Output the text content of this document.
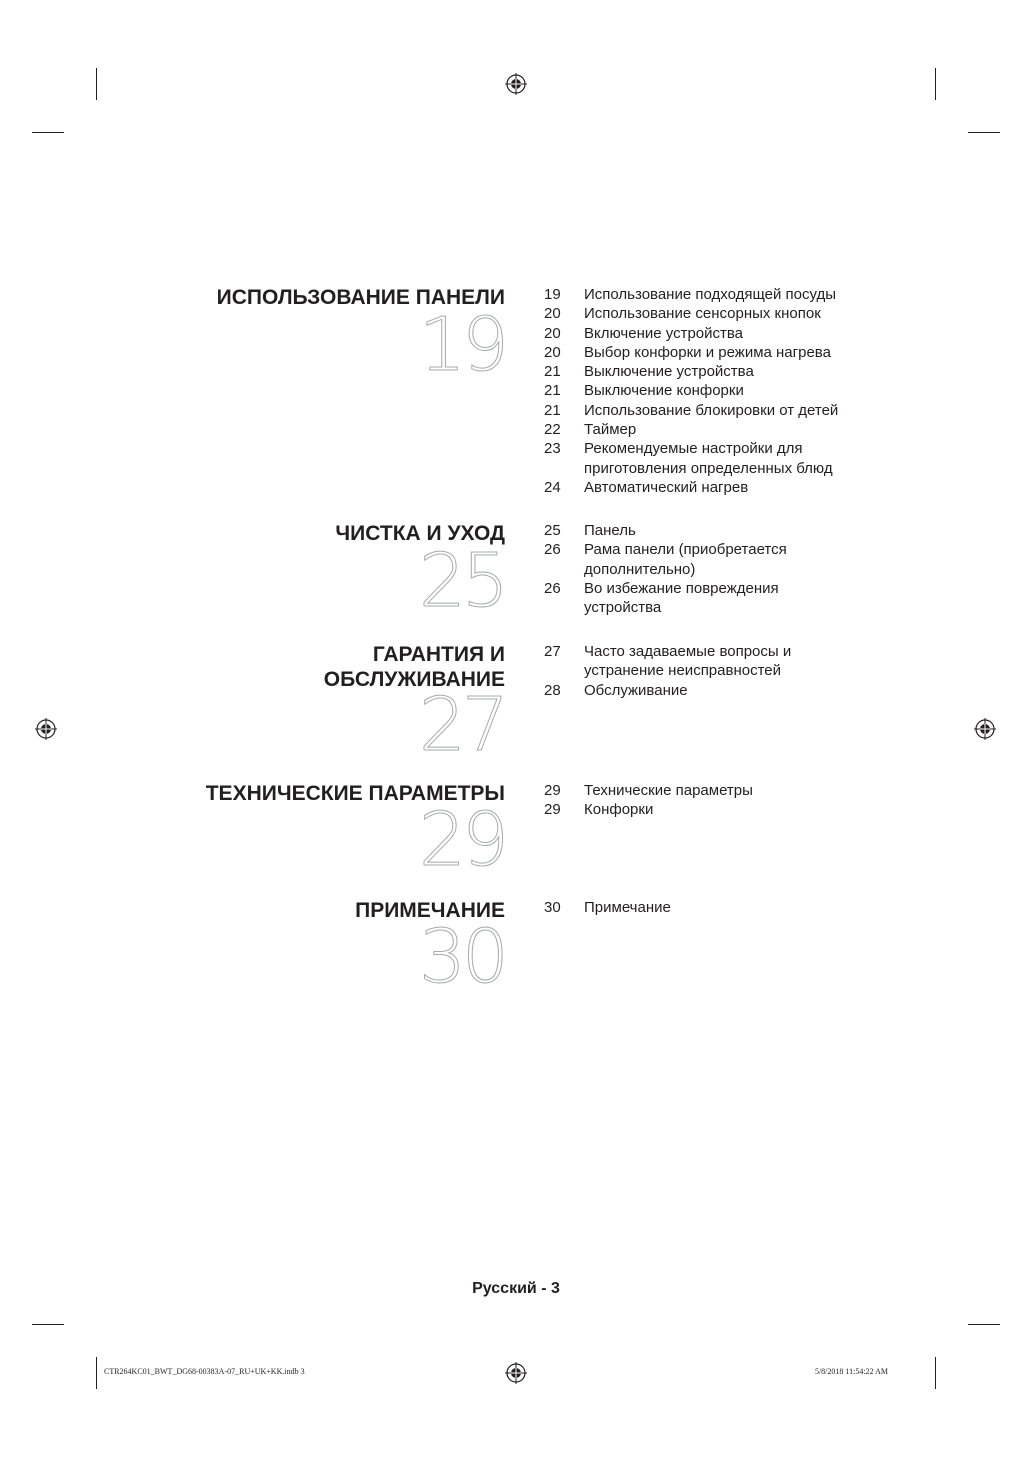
ИСПОЛЬЗОВАНИЕ ПАНЕЛИ
19
19	Использование подходящей посуды
20	Использование сенсорных кнопок
20	Включение устройства
20	Выбор конфорки и режима нагрева
21	Выключение устройства
21	Выключение конфорки
21	Использование блокировки от детей
22	Таймер
23	Рекомендуемые настройки для приготовления определенных блюд
24	Автоматический нагрев
ЧИСТКА И УХОД
25
25	Панель
26	Рама панели (приобретается дополнительно)
26	Во избежание повреждения устройства
ГАРАНТИЯ И
ОБСЛУЖИВАНИЕ
27
27	Часто задаваемые вопросы и устранение неисправностей
28	Обслуживание
ТЕХНИЧЕСКИЕ ПАРАМЕТРЫ
29
29	Технические параметры
29	Конфорки
ПРИМЕЧАНИЕ
30
30	Примечание
Русский - 3
CTR264KC01_BWT_DG68-00383A-07_RU+UK+KK.indb 3	5/8/2018 11:54:22 AM
